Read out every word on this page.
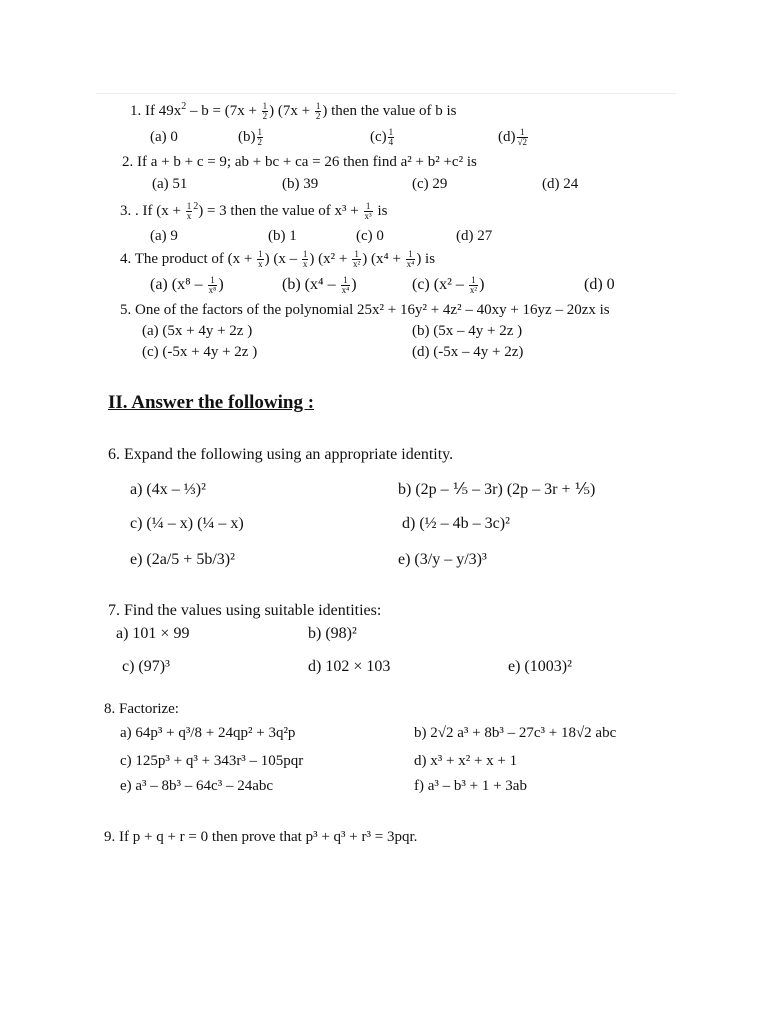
1. If $49x^2 - b = (7x + \frac{1}{2}$ ) ($7x + \frac{1}{2}$ ) then the value of b is
(a) 0	$(b) \frac{1}{2}$	$(c) \frac{1}{4}$	$(d) \frac{1}{√2}$
2. If a + b + c = 9; ab + bc + ca = 26 then find a² + b² +c² is
(a) 51	(b) 39	(c) 29	(d) 24
3. . If $(x + \frac{1}{x} ^2) = 3$ then the value of $x^3 + \frac{1}{\text{x³}}$ is
(a) 9	(b) 1	(c) 0	(d) 27
4. The product of ($x + \frac{1}{x}$ ) ($x - \frac{1}{x}$ ) ($x^2 + \frac{1}{\text{x²}}$ ) ($x^4 + \frac{1}{\text{x⁴}}$ ) is
(a) ($x^8 - \frac{1}{\text{x⁸}}$ )	(b) ($x^4 - \frac{1}{\text{x⁴}}$ )	(c) ($x^2 - \frac{1}{\text{x²}}$ )	(d) 0
5. One of the factors of the polynomial 25x² + 16y² + 4z² – 40xy + 16yz – 20zx is
(a) (5x + 4y + 2z )	(b) (5x – 4y + 2z )
(c) (-5x + 4y + 2z )	(d) (-5x – 4y + 2z)
II. Answer the following :
6. Expand the following using an appropriate identity.
a) (4x – ⅓)²	b) (2p – ⅕ – 3r) (2p – 3r + ⅕)
c) (¼ – x) (¼ – x)	d) (½ – 4b – 3c)²
e) (2a/5 + 5b/3)²	e) (3/y – y/3)³
7. Find the values using suitable identities:
a) 101 × 99	b) (98)²
c) (97)³	d) 102 × 103	e) (1003)²
8. Factorize:
a) 64p³ + q³/8 + 24qp² + 3q²p	b) 2√2 a³ + 8b³ – 27c³ + 18√2 abc
c) 125p³ + q³ + 343r³ – 105pqr	d) x³ + x² + x + 1
e) a³ – 8b³ – 64c³ – 24abc	f) a³ – b³ + 1 + 3ab
9. If p + q + r = 0 then prove that p³ + q³ + r³ = 3pqr.
